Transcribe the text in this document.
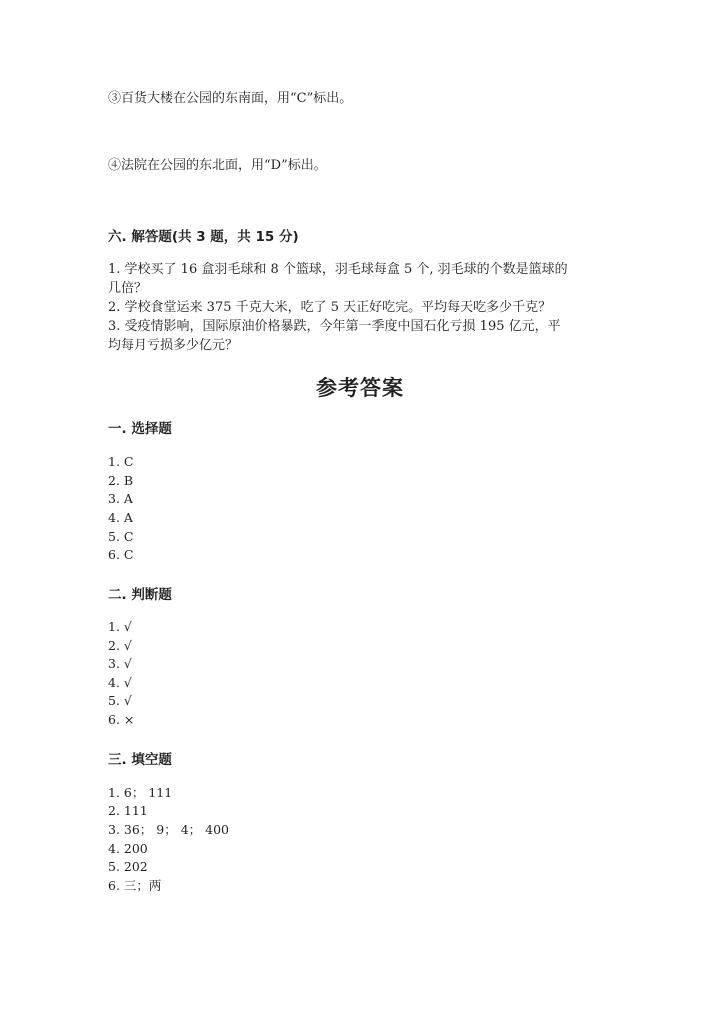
③百货大楼在公园的东南面，用“C”标出。
④法院在公园的东北面，用“D”标出。
六. 解答题(共 3 题，共 15 分)
1. 学校买了 16 盒羽毛球和 8 个篮球，羽毛球每盒 5 个, 羽毛球的个数是篮球的
几倍？
2. 学校食堂运来 375 千克大米，吃了 5 天正好吃完。平均每天吃多少千克？
3. 受疫情影响，国际原油价格暴跌，今年第一季度中国石化亏损 195 亿元，平
均每月亏损多少亿元？
参考答案
一. 选择题
1. C
2. B
3. A
4. A
5. C
6. C
二. 判断题
1. √
2. √
3. √
4. √
5. √
6. ×
三. 填空题
1. 6； 111
2. 111
3. 36； 9； 4； 400
4. 200
5. 202
6. 三；两
